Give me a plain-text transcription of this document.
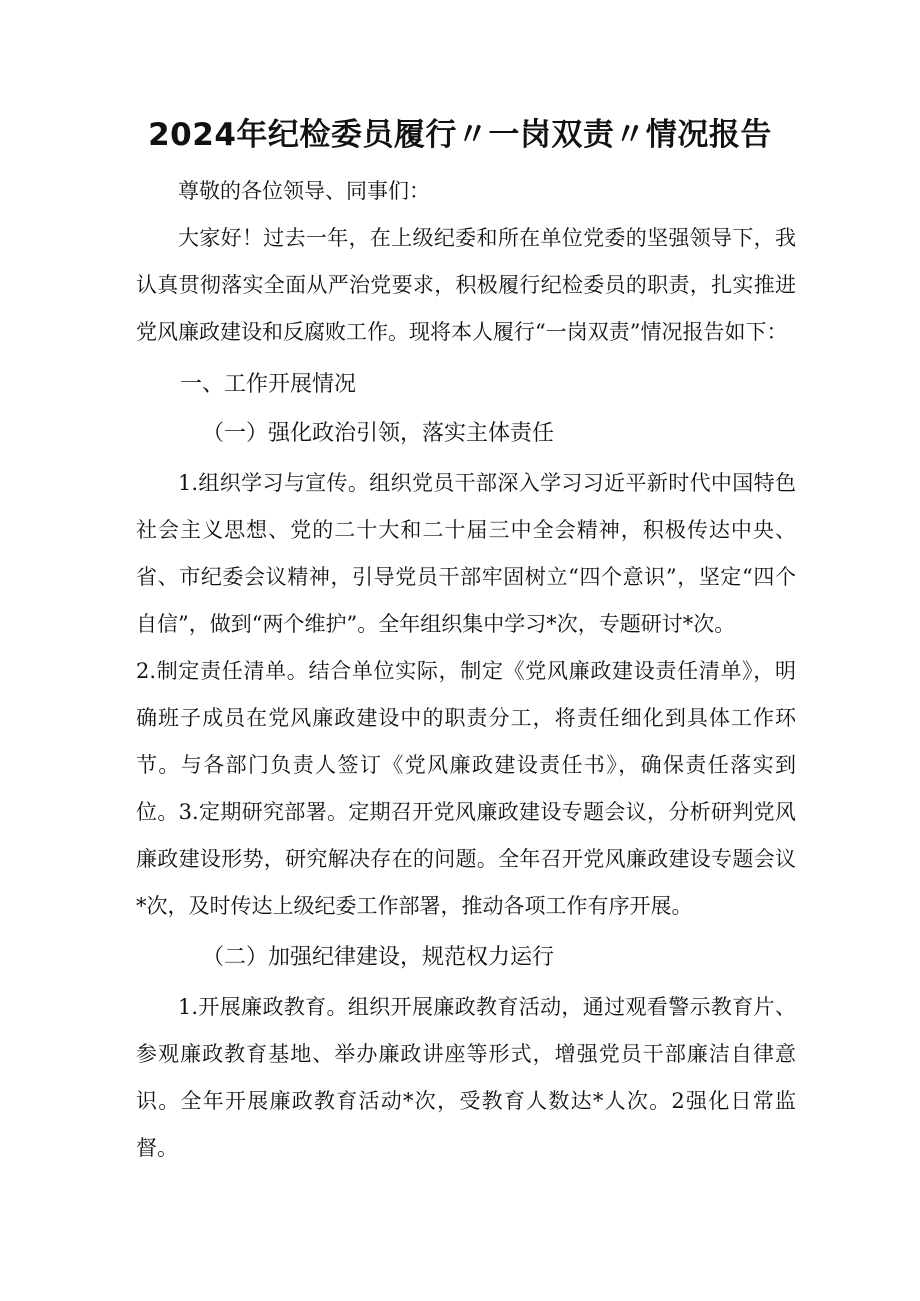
2024年纪检委员履行〃一岗双责〃情况报告

尊敬的各位领导、同事们：

大家好！过去一年，在上级纪委和所在单位党委的坚强领导下，我认真贯彻落实全面从严治党要求，积极履行纪检委员的职责，扎实推进党风廉政建设和反腐败工作。现将本人履行“一岗双责”情况报告如下：

一、工作开展情况
（一）强化政治引领，落实主体责任

1.组织学习与宣传。组织党员干部深入学习习近平新时代中国特色社会主义思想、党的二十大和二十届三中全会精神，积极传达中央、省、市纪委会议精神，引导党员干部牢固树立“四个意识”，坚定“四个自信”，做到“两个维护”。全年组织集中学习*次，专题研讨*次。

2.制定责任清单。结合单位实际，制定《党风廉政建设责任清单》，明确班子成员在党风廉政建设中的职责分工，将责任细化到具体工作环节。与各部门负责人签订《党风廉政建设责任书》，确保责任落实到位。3.定期研究部署。定期召开党风廉政建设专题会议，分析研判党风廉政建设形势，研究解决存在的问题。全年召开党风廉政建设专题会议*次，及时传达上级纪委工作部署，推动各项工作有序开展。

（二）加强纪律建设，规范权力运行

1.开展廉政教育。组织开展廉政教育活动，通过观看警示教育片、参观廉政教育基地、举办廉政讲座等形式，增强党员干部廉洁自律意识。全年开展廉政教育活动*次，受教育人数达*人次。2强化日常监督。
